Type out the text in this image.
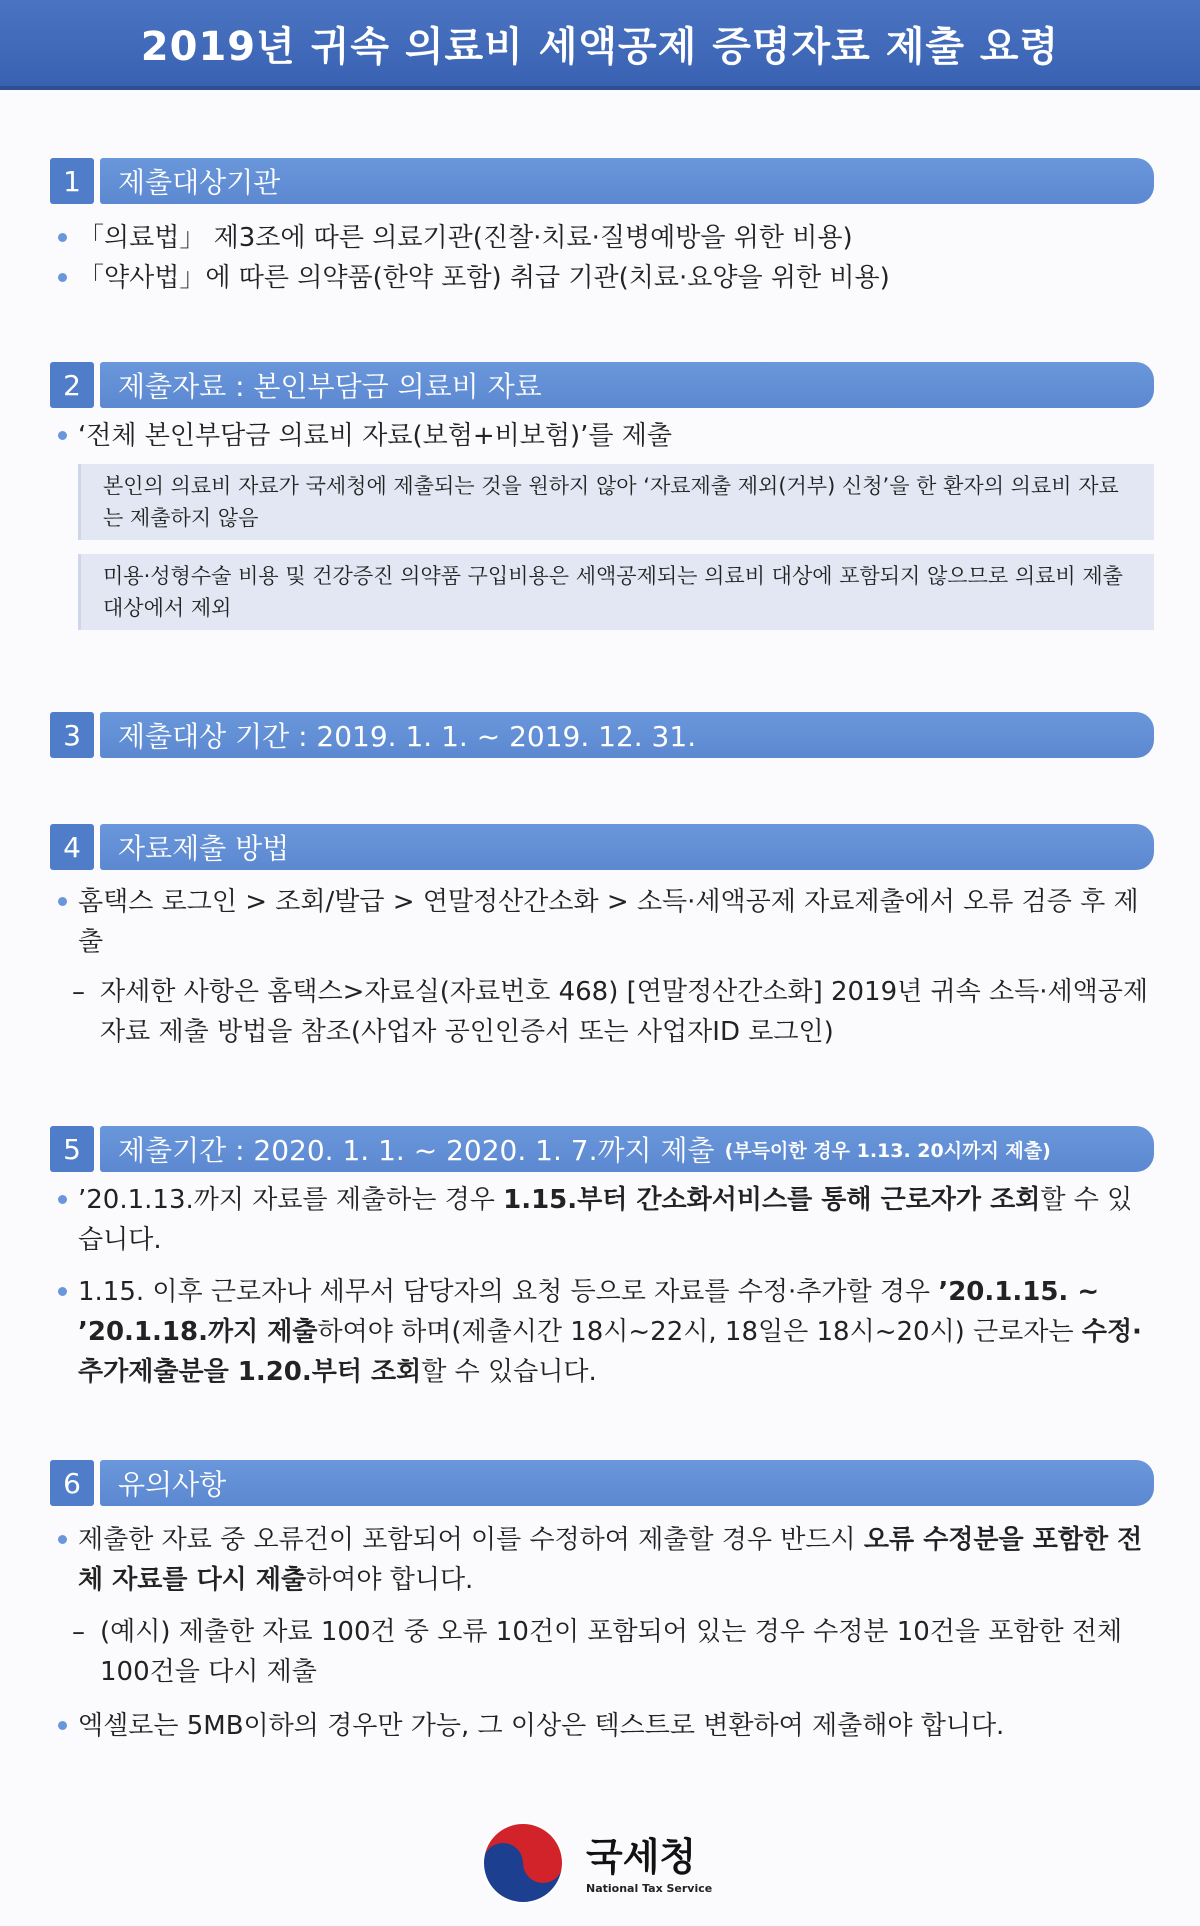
2019년 귀속 의료비 세액공제 증명자료 제출 요령
1	제출대상기관
「의료법」 제3조에 따른 의료기관(진찰·치료·질병예방을 위한 비용)
「약사법」에 따른 의약품(한약 포함) 취급 기관(치료·요양을 위한 비용)
2	제출자료 : 본인부담금 의료비 자료
‘전체 본인부담금 의료비 자료(보험+비보험)’를 제출
본인의 의료비 자료가 국세청에 제출되는 것을 원하지 않아 ‘자료제출 제외(거부) 신청’을 한 환자의 의료비 자료는 제출하지 않음
미용·성형수술 비용 및 건강증진 의약품 구입비용은 세액공제되는 의료비 대상에 포함되지 않으므로 의료비 제출대상에서 제외
3	제출대상 기간 : 2019. 1. 1. ~ 2019. 12. 31.
4	자료제출 방법
홈택스 로그인 > 조회/발급 > 연말정산간소화 > 소득·세액공제 자료제출에서 오류 검증 후 제출
– 자세한 사항은 홈택스>자료실(자료번호 468) [연말정산간소화] 2019년 귀속 소득·세액공제자료 제출 방법을 참조(사업자 공인인증서 또는 사업자ID 로그인)
5	제출기간 : 2020. 1. 1. ~ 2020. 1. 7.까지 제출 (부득이한 경우 1.13. 20시까지 제출)
’20.1.13.까지 자료를 제출하는 경우 1.15.부터 간소화서비스를 통해 근로자가 조회할 수 있습니다.
1.15. 이후 근로자나 세무서 담당자의 요청 등으로 자료를 수정·추가할 경우 ’20.1.15. ~ ’20.1.18.까지 제출하여야 하며(제출시간 18시~22시, 18일은 18시~20시) 근로자는 수정·추가제출분을 1.20.부터 조회할 수 있습니다.
6	유의사항
제출한 자료 중 오류건이 포함되어 이를 수정하여 제출할 경우 반드시 오류 수정분을 포함한 전체 자료를 다시 제출하여야 합니다.
– (예시) 제출한 자료 100건 중 오류 10건이 포함되어 있는 경우 수정분 10건을 포함한 전체 100건을 다시 제출
엑셀로는 5MB이하의 경우만 가능, 그 이상은 텍스트로 변환하여 제출해야 합니다.
국세청
National Tax Service
